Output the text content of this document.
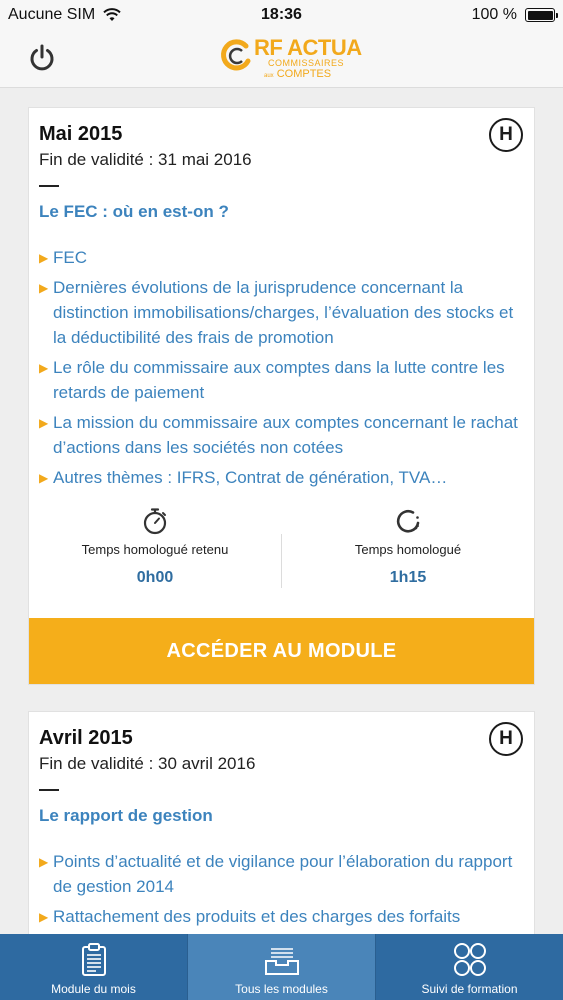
Aucune SIM	18:36	100 %
RF ACTUA
COMMISSAIRES
aux COMPTES
H
Mai 2015
Fin de validité : 31 mai 2016
Le FEC : où en est-on ?
▶ FEC
▶ Dernières évolutions de la jurisprudence concernant la distinction immobilisations/charges, l’évaluation des stocks et la déductibilité des frais de promotion
▶ Le rôle du commissaire aux comptes dans la lutte contre les retards de paiement
▶ La mission du commissaire aux comptes concernant le rachat d’actions dans les sociétés non cotées
▶ Autres thèmes : IFRS, Contrat de génération, TVA…
Temps homologué retenu
0h00
Temps homologué
1h15
ACCÉDER AU MODULE
H
Avril 2015
Fin de validité : 30 avril 2016
Le rapport de gestion
▶ Points d’actualité et de vigilance pour l’élaboration du rapport de gestion 2014
▶ Rattachement des produits et des charges des forfaits
Module du mois	Tous les modules	Suivi de formation
